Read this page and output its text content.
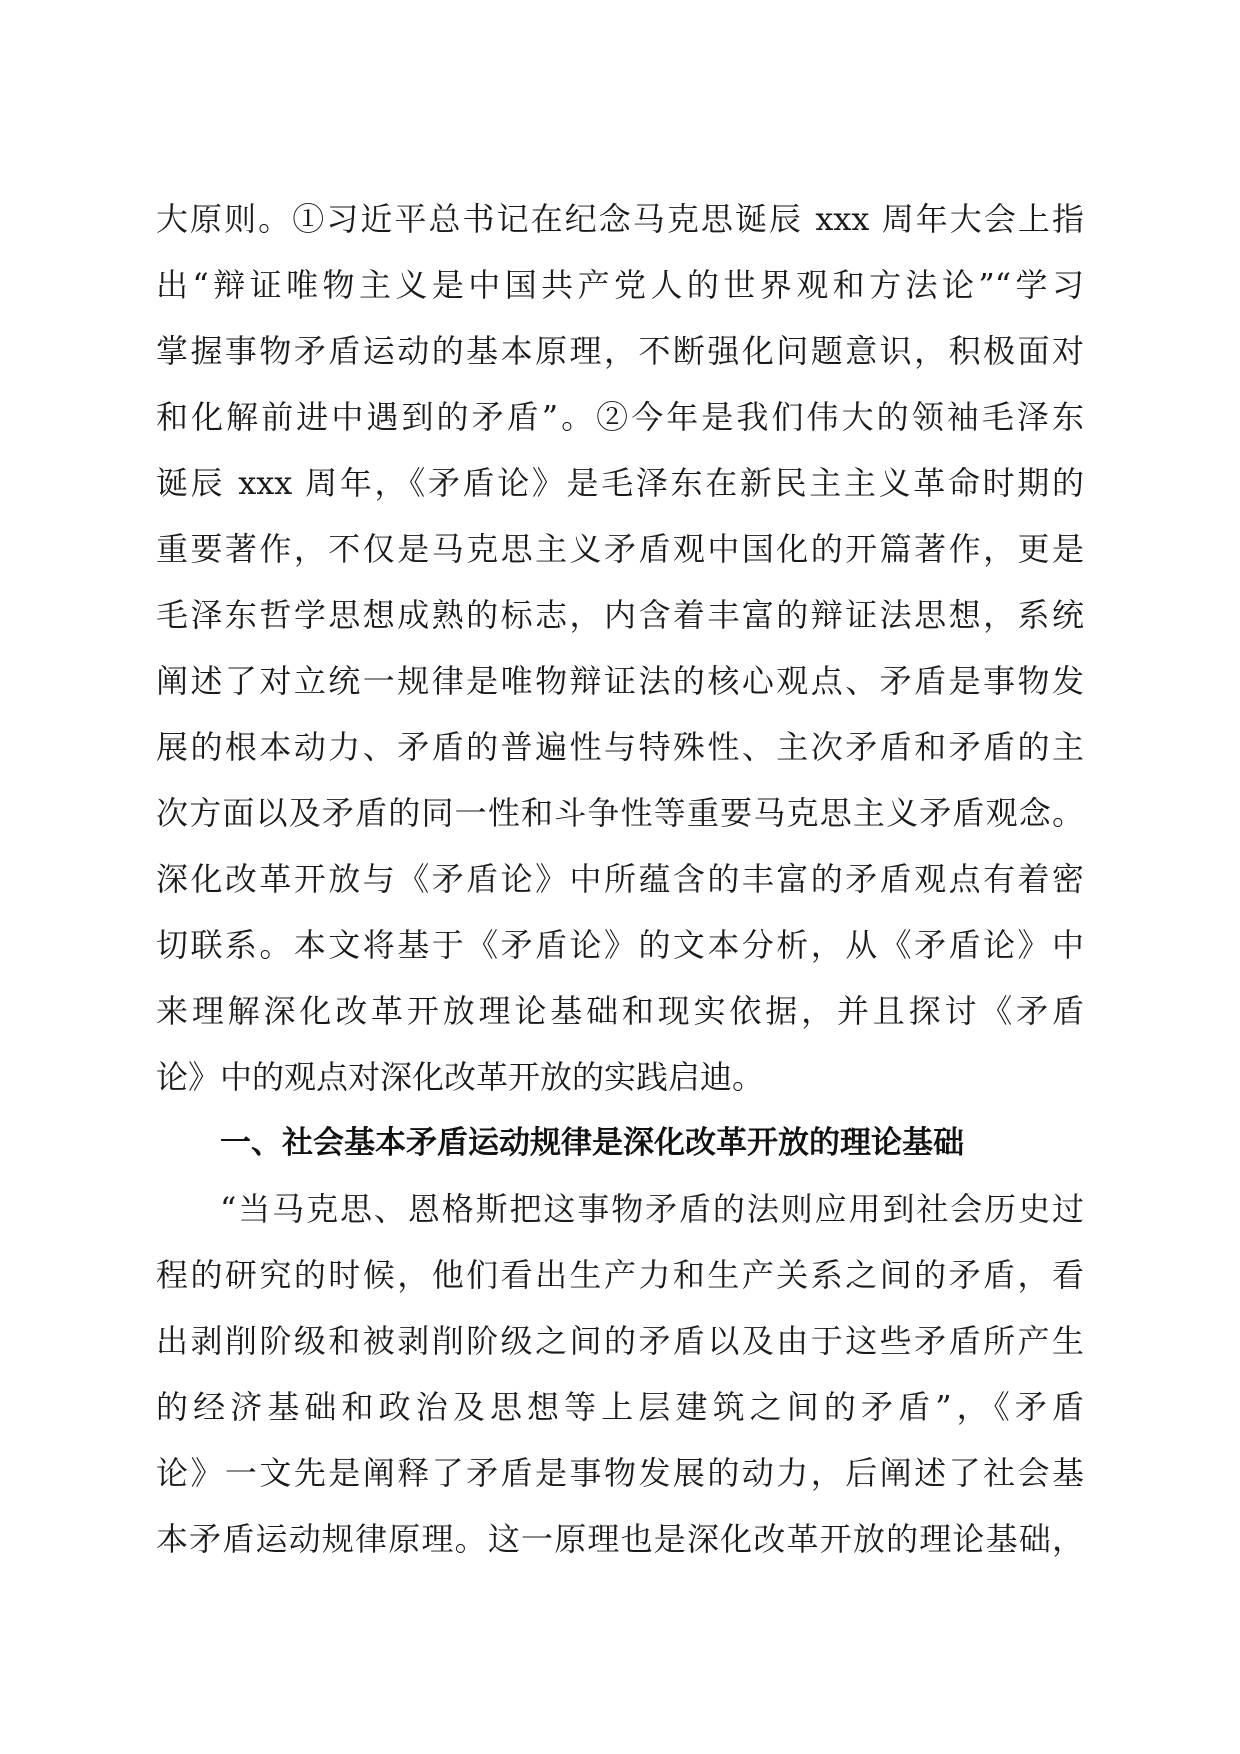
大原则。①习近平总书记在纪念马克思诞辰 xxx 周年大会上指
出“辩证唯物主义是中国共产党人的世界观和方法论”“学习
掌握事物矛盾运动的基本原理，不断强化问题意识，积极面对
和化解前进中遇到的矛盾”。②今年是我们伟大的领袖毛泽东
诞辰 xxx 周年，《矛盾论》是毛泽东在新民主主义革命时期的
重要著作，不仅是马克思主义矛盾观中国化的开篇著作，更是
毛泽东哲学思想成熟的标志，内含着丰富的辩证法思想，系统
阐述了对立统一规律是唯物辩证法的核心观点、矛盾是事物发
展的根本动力、矛盾的普遍性与特殊性、主次矛盾和矛盾的主
次方面以及矛盾的同一性和斗争性等重要马克思主义矛盾观念。
深化改革开放与《矛盾论》中所蕴含的丰富的矛盾观点有着密
切联系。本文将基于《矛盾论》的文本分析，从《矛盾论》中
来理解深化改革开放理论基础和现实依据，并且探讨《矛盾
论》中的观点对深化改革开放的实践启迪。
一、社会基本矛盾运动规律是深化改革开放的理论基础
“当马克思、恩格斯把这事物矛盾的法则应用到社会历史过
程的研究的时候，他们看出生产力和生产关系之间的矛盾，看
出剥削阶级和被剥削阶级之间的矛盾以及由于这些矛盾所产生
的经济基础和政治及思想等上层建筑之间的矛盾”，《矛盾
论》一文先是阐释了矛盾是事物发展的动力，后阐述了社会基
本矛盾运动规律原理。这一原理也是深化改革开放的理论基础，
